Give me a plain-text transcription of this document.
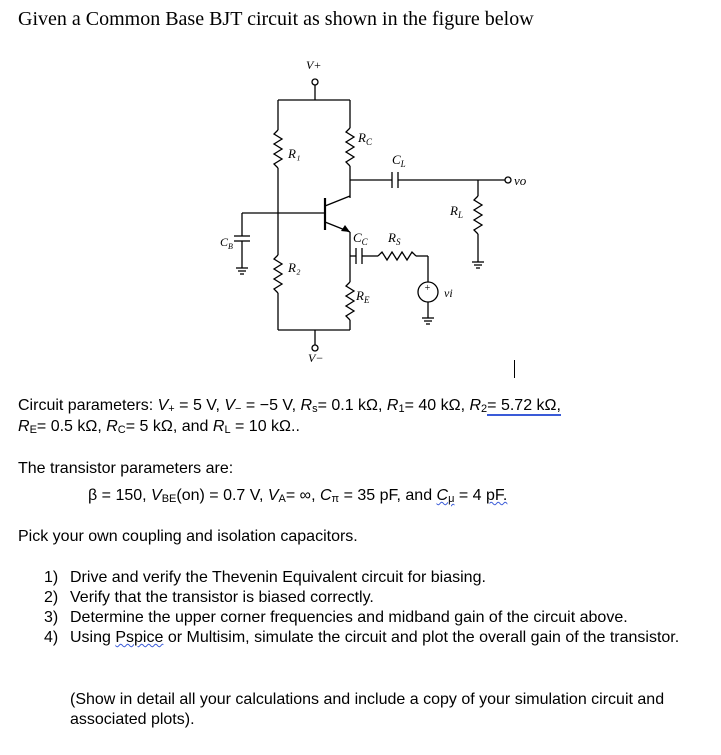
Given a Common Base BJT circuit as shown in the figure below
V+
V−
R₁
R₂
$R_C$
$R_E$
$C_L$
$C_B$
$C_C$ $R_S$
$R_L$
vo
vi
+
Circuit parameters: $V_+ = 5$ V, $V_- = -5$ V, $R_s= 0.1$ kΩ, $R_1= 40$ kΩ, $R_2= 5.72$ kΩ,
$R_E= 0.5$ kΩ, $R_C= 5$ kΩ, and $R_L = 10$ kΩ..
The transistor parameters are:
β = 150, $V_{BE}(on) = 0.7$ V, $V_A=$ ∞, $C_\pi = 35$ pF, and $C_\mu = 4$ pF.
Pick your own coupling and isolation capacitors.
1) Drive and verify the Thevenin Equivalent circuit for biasing.
2) Verify that the transistor is biased correctly.
3) Determine the upper corner frequencies and midband gain of the circuit above.
4) Using Pspice or Multisim, simulate the circuit and plot the overall gain of the transistor.
(Show in detail all your calculations and include a copy of your simulation circuit and associated plots).
